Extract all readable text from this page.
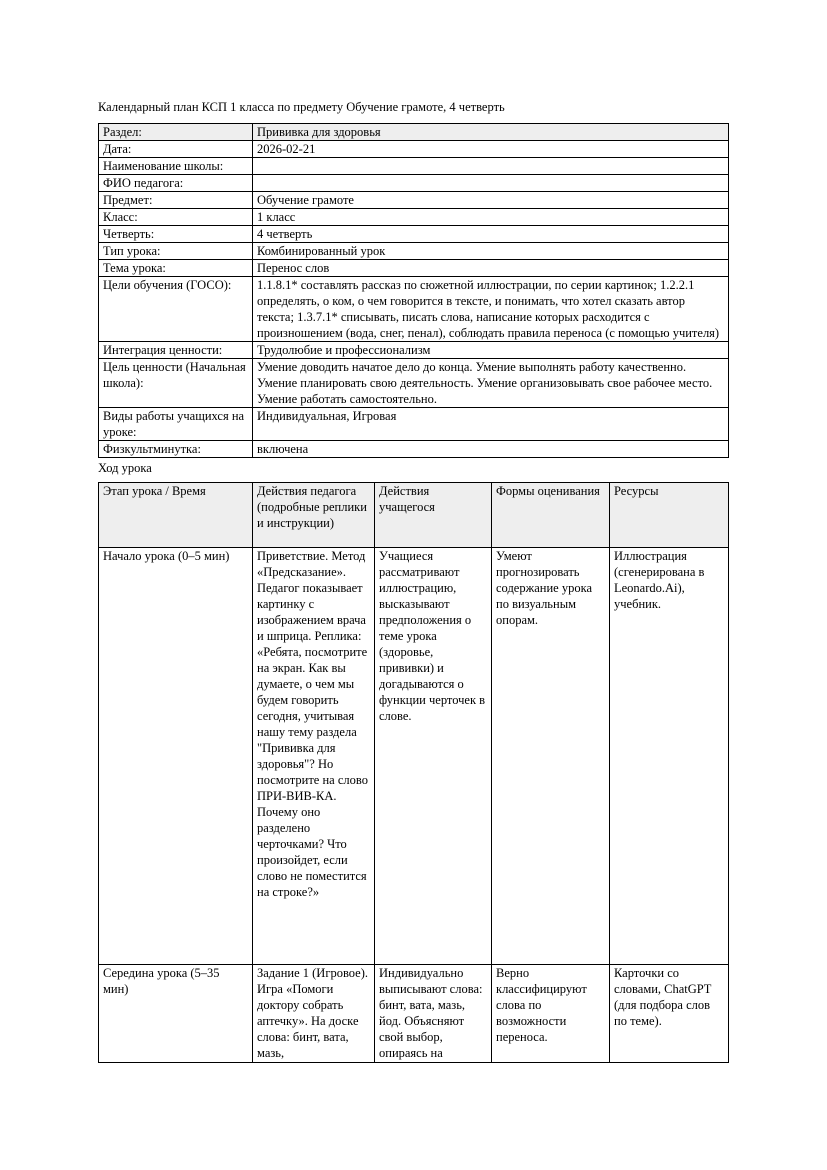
Календарный план КСП 1 класса по предмету Обучение грамоте, 4 четверть
Раздел:	Прививка для здоровья
Дата:	2026-02-21
Наименование школы:	
ФИО педагога:	
Предмет:	Обучение грамоте
Класс:	1 класс
Четверть:	4 четверть
Тип урока:	Комбинированный урок
Тема урока:	Перенос слов
Цели обучения (ГОСО):	1.1.8.1* составлять рассказ по сюжетной иллюстрации, по серии картинок; 1.2.2.1 определять, о ком, о чем говорится в тексте, и понимать, что хотел сказать автор текста; 1.3.7.1* списывать, писать слова, написание которых расходится с произношением (вода, снег, пенал), соблюдать правила переноса (с помощью учителя)
Интеграция ценности:	Трудолюбие и профессионализм
Цель ценности (Начальная школа):	Умение доводить начатое дело до конца. Умение выполнять работу качественно. Умение планировать свою деятельность. Умение организовывать свое рабочее место. Умение работать самостоятельно.
Виды работы учащихся на уроке:	Индивидуальная, Игровая
Физкультминутка:	включена
Ход урока
Этап урока / Время	Действия педагога (подробные реплики и инструкции)	Действия учащегося	Формы оценивания	Ресурсы
Начало урока (0–5 мин)	Приветствие. Метод «Предсказание». Педагог показывает картинку с изображением врача и шприца. Реплика: «Ребята, посмотрите на экран. Как вы думаете, о чем мы будем говорить сегодня, учитывая нашу тему раздела "Прививка для здоровья"? Но посмотрите на слово ПРИ-ВИВ-КА. Почему оно разделено черточками? Что произойдет, если слово не поместится на строке?»	Учащиеся рассматривают иллюстрацию, высказывают предположения о теме урока (здоровье, прививки) и догадываются о функции черточек в слове.	Умеют прогнозировать содержание урока по визуальным опорам.	Иллюстрация (сгенерирована в Leonardo.Ai), учебник.

Середина урока (5–35 мин)	Задание 1 (Игровое). Игра «Помоги доктору собрать аптечку». На доске слова: бинт, вата, мазь,	Индивидуально выписывают слова: бинт, вата, мазь, йод. Объясняют свой выбор, опираясь на	Верно классифицируют слова по возможности переноса.	Карточки со словами, ChatGPT (для подбора слов по теме).
